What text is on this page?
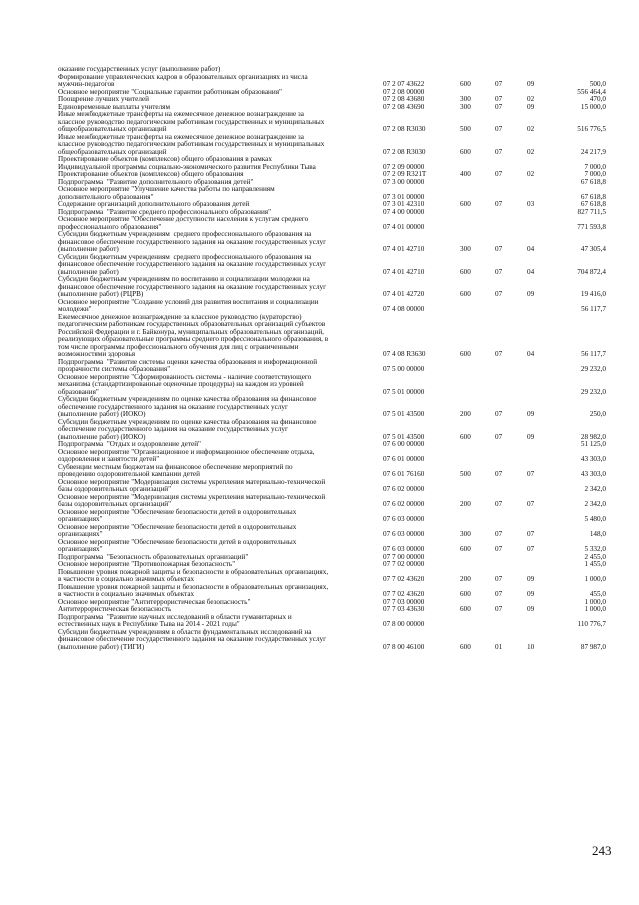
оказание государственных услуг (выполнение работ)
Формирование управленческих кадров в образовательных организациях из числа
мужчин-педагогов	07 2 07 43622	600	07	09	500,0
Основное мероприятие "Социальные гарантии работникам образования"	07 2 08 00000	556 464,4
Поощрение лучших учителей	07 2 08 43680	300	07	02	470,0
Единовременные выплаты учителям	07 2 08 43690	300	07	09	15 000,0
Иные межбюджетные трансферты на ежемесячное денежное вознаграждение за
классное руководство педагогическим работникам государственных и муниципальных
общеобразовательных организаций	07 2 08 R3030	500	07	02	516 776,5
Иные межбюджетные трансферты на ежемесячное денежное вознаграждение за
классное руководство педагогическим работникам государственных и муниципальных
общеобразовательных организаций	07 2 08 R3030	600	07	02	24 217,9
Проектирование объектов (комплексов) общего образования в рамках
Индивидуальной программы социально-экономического развития Республики Тыва	07 2 09 00000	7 000,0
Проектирование объектов (комплексов) общего образования	07 2 09 R321T	400	07	02	7 000,0
Подпрограмма  "Развитие дополнительного образования детей"	07 3 00 00000	67 618,8
Основное мероприятие "Улучшение качества работы по направлениям
дополнительного образования"	07 3 01 00000	67 618,8
Содержание организаций дополнительного образования детей	07 3 01 42310	600	07	03	67 618,8
Подпрограмма  "Развитие среднего профессионального образования"	07 4 00 00000	827 711,5
Основное мероприятие "Обеспечение доступности населения к услугам среднего
профессионального образования"	07 4 01 00000	771 593,8
Субсидии бюджетным учреждениям  среднего профессионального образования на
финансовое обеспечение государственного задания на оказание государственных услуг
(выполнение работ)	07 4 01 42710	300	07	04	47 305,4
Субсидии бюджетным учреждениям  среднего профессионального образования на
финансовое обеспечение государственного задания на оказание государственных услуг
(выполнение работ)	07 4 01 42710	600	07	04	704 872,4
Субсидии бюджетным учреждениям по воспитанию и социализации молодежи на
финансовое обеспечение государственного задания на оказание государственных услуг
(выполнение работ) (РЦРВ)	07 4 01 42720	600	07	09	19 416,0
Основное мероприятие "Создание условий для развития воспитания и социализации
молодежи"	07 4 08 00000	56 117,7
Ежемесячное денежное вознаграждение за классное руководство (кураторство)
педагогическим работникам государственных образовательных организаций субъектов
Российской Федерации и г. Байконура, муниципальных образовательных организаций,
реализующих образовательные программы среднего профессионального образования, в
том числе программы профессионального обучения для лиц с ограниченными
возможностями здоровья	07 4 08 R3630	600	07	04	56 117,7
Подпрограмма  "Развитие системы оценки качества образования и информационной
прозрачности системы образования"	07 5 00 00000	29 232,0
Основное мероприятие "Сформированность системы - наличие соответствующего
механизма (стандартизированные оценочные процедуры) на каждом из уровней
образования"	07 5 01 00000	29 232,0
Субсидии бюджетным учреждениям по оценке качества образования на финансовое
обеспечение государственного задания на оказание государственных услуг
(выполнение работ) (ИОКО)	07 5 01 43500	200	07	09	250,0
Субсидии бюджетным учреждениям по оценке качества образования на финансовое
обеспечение государственного задания на оказание государственных услуг
(выполнение работ) (ИОКО)	07 5 01 43500	600	07	09	28 982,0
Подпрограмма  "Отдых и оздоровление детей"	07 6 00 00000	51 125,0
Основное мероприятие "Организационное и информационное обеспечение отдыха,
оздоровления и занятости детей"	07 6 01 00000	43 303,0
Субвенции местным бюджетам на финансовое обеспечение мероприятий по
проведению оздоровительной кампании детей	07 6 01 76160	500	07	07	43 303,0
Основное мероприятие "Модернизация системы укрепления материально-технической
базы оздоровительных организаций"	07 6 02 00000	2 342,0
Основное мероприятие "Модернизация системы укрепления материально-технической
базы оздоровительных организаций"	07 6 02 00000	200	07	07	2 342,0
Основное мероприятие "Обеспечение безопасности детей в оздоровительных
организациях"	07 6 03 00000	5 480,0
Основное мероприятие "Обеспечение безопасности детей в оздоровительных
организациях"	07 6 03 00000	300	07	07	148,0
Основное мероприятие "Обеспечение безопасности детей в оздоровительных
организациях"	07 6 03 00000	600	07	07	5 332,0
Подпрограмма  "Безопасность образовательных организаций"	07 7 00 00000	2 455,0
Основное мероприятие "Противопожарная безопасность"	07 7 02 00000	1 455,0
Повышение уровня пожарной защиты и безопасности в образовательных организациях,
в частности в социально значимых объектах	07 7 02 43620	200	07	09	1 000,0
Повышение уровня пожарной защиты и безопасности в образовательных организациях,
в частности в социально значимых объектах	07 7 02 43620	600	07	09	455,0
Основное мероприятие "Антитеррористическая безопасность"	07 7 03 00000	1 000,0
Антитеррористическая безопасность	07 7 03 43630	600	07	09	1 000,0
Подпрограмма  "Развитие научных исследований в области гуманитарных и
естественных наук в Республике Тыва на 2014 - 2021 годы"	07 8 00 00000	110 776,7
Субсидии бюджетным учреждениям в области фундаментальных исследований на
финансовое обеспечение государственного задания на оказание государственных услуг
(выполнение работ) (ТИГИ)	07 8 00 46100	600	01	10	87 987,0
243
